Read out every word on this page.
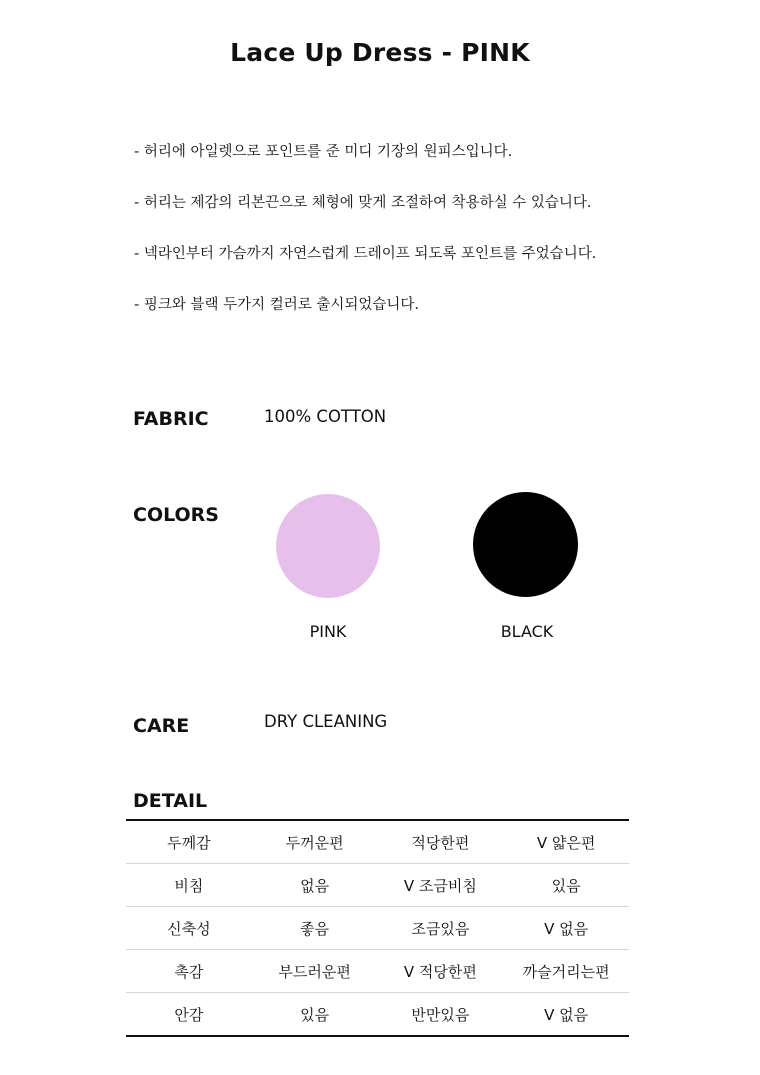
Lace Up Dress - PINK
- 허리에 아일렛으로 포인트를 준 미디 기장의 원피스입니다.
- 허리는 제감의 리본끈으로 체형에 맞게 조절하여 착용하실 수 있습니다.
- 넥라인부터 가슴까지 자연스럽게 드레이프 되도록 포인트를 주었습니다.
- 핑크와 블랙 두가지 컬러로 출시되었습니다.
FABRIC	100% COTTON
COLORS
PINK	BLACK
CARE	DRY CLEANING
DETAIL
두께감	두꺼운편	적당한편	V 얇은편
비침	없음	V 조금비침	있음
신축성	좋음	조금있음	V 없음
촉감	부드러운편	V 적당한편	까슬거리는편
안감	있음	반만있음	V 없음
